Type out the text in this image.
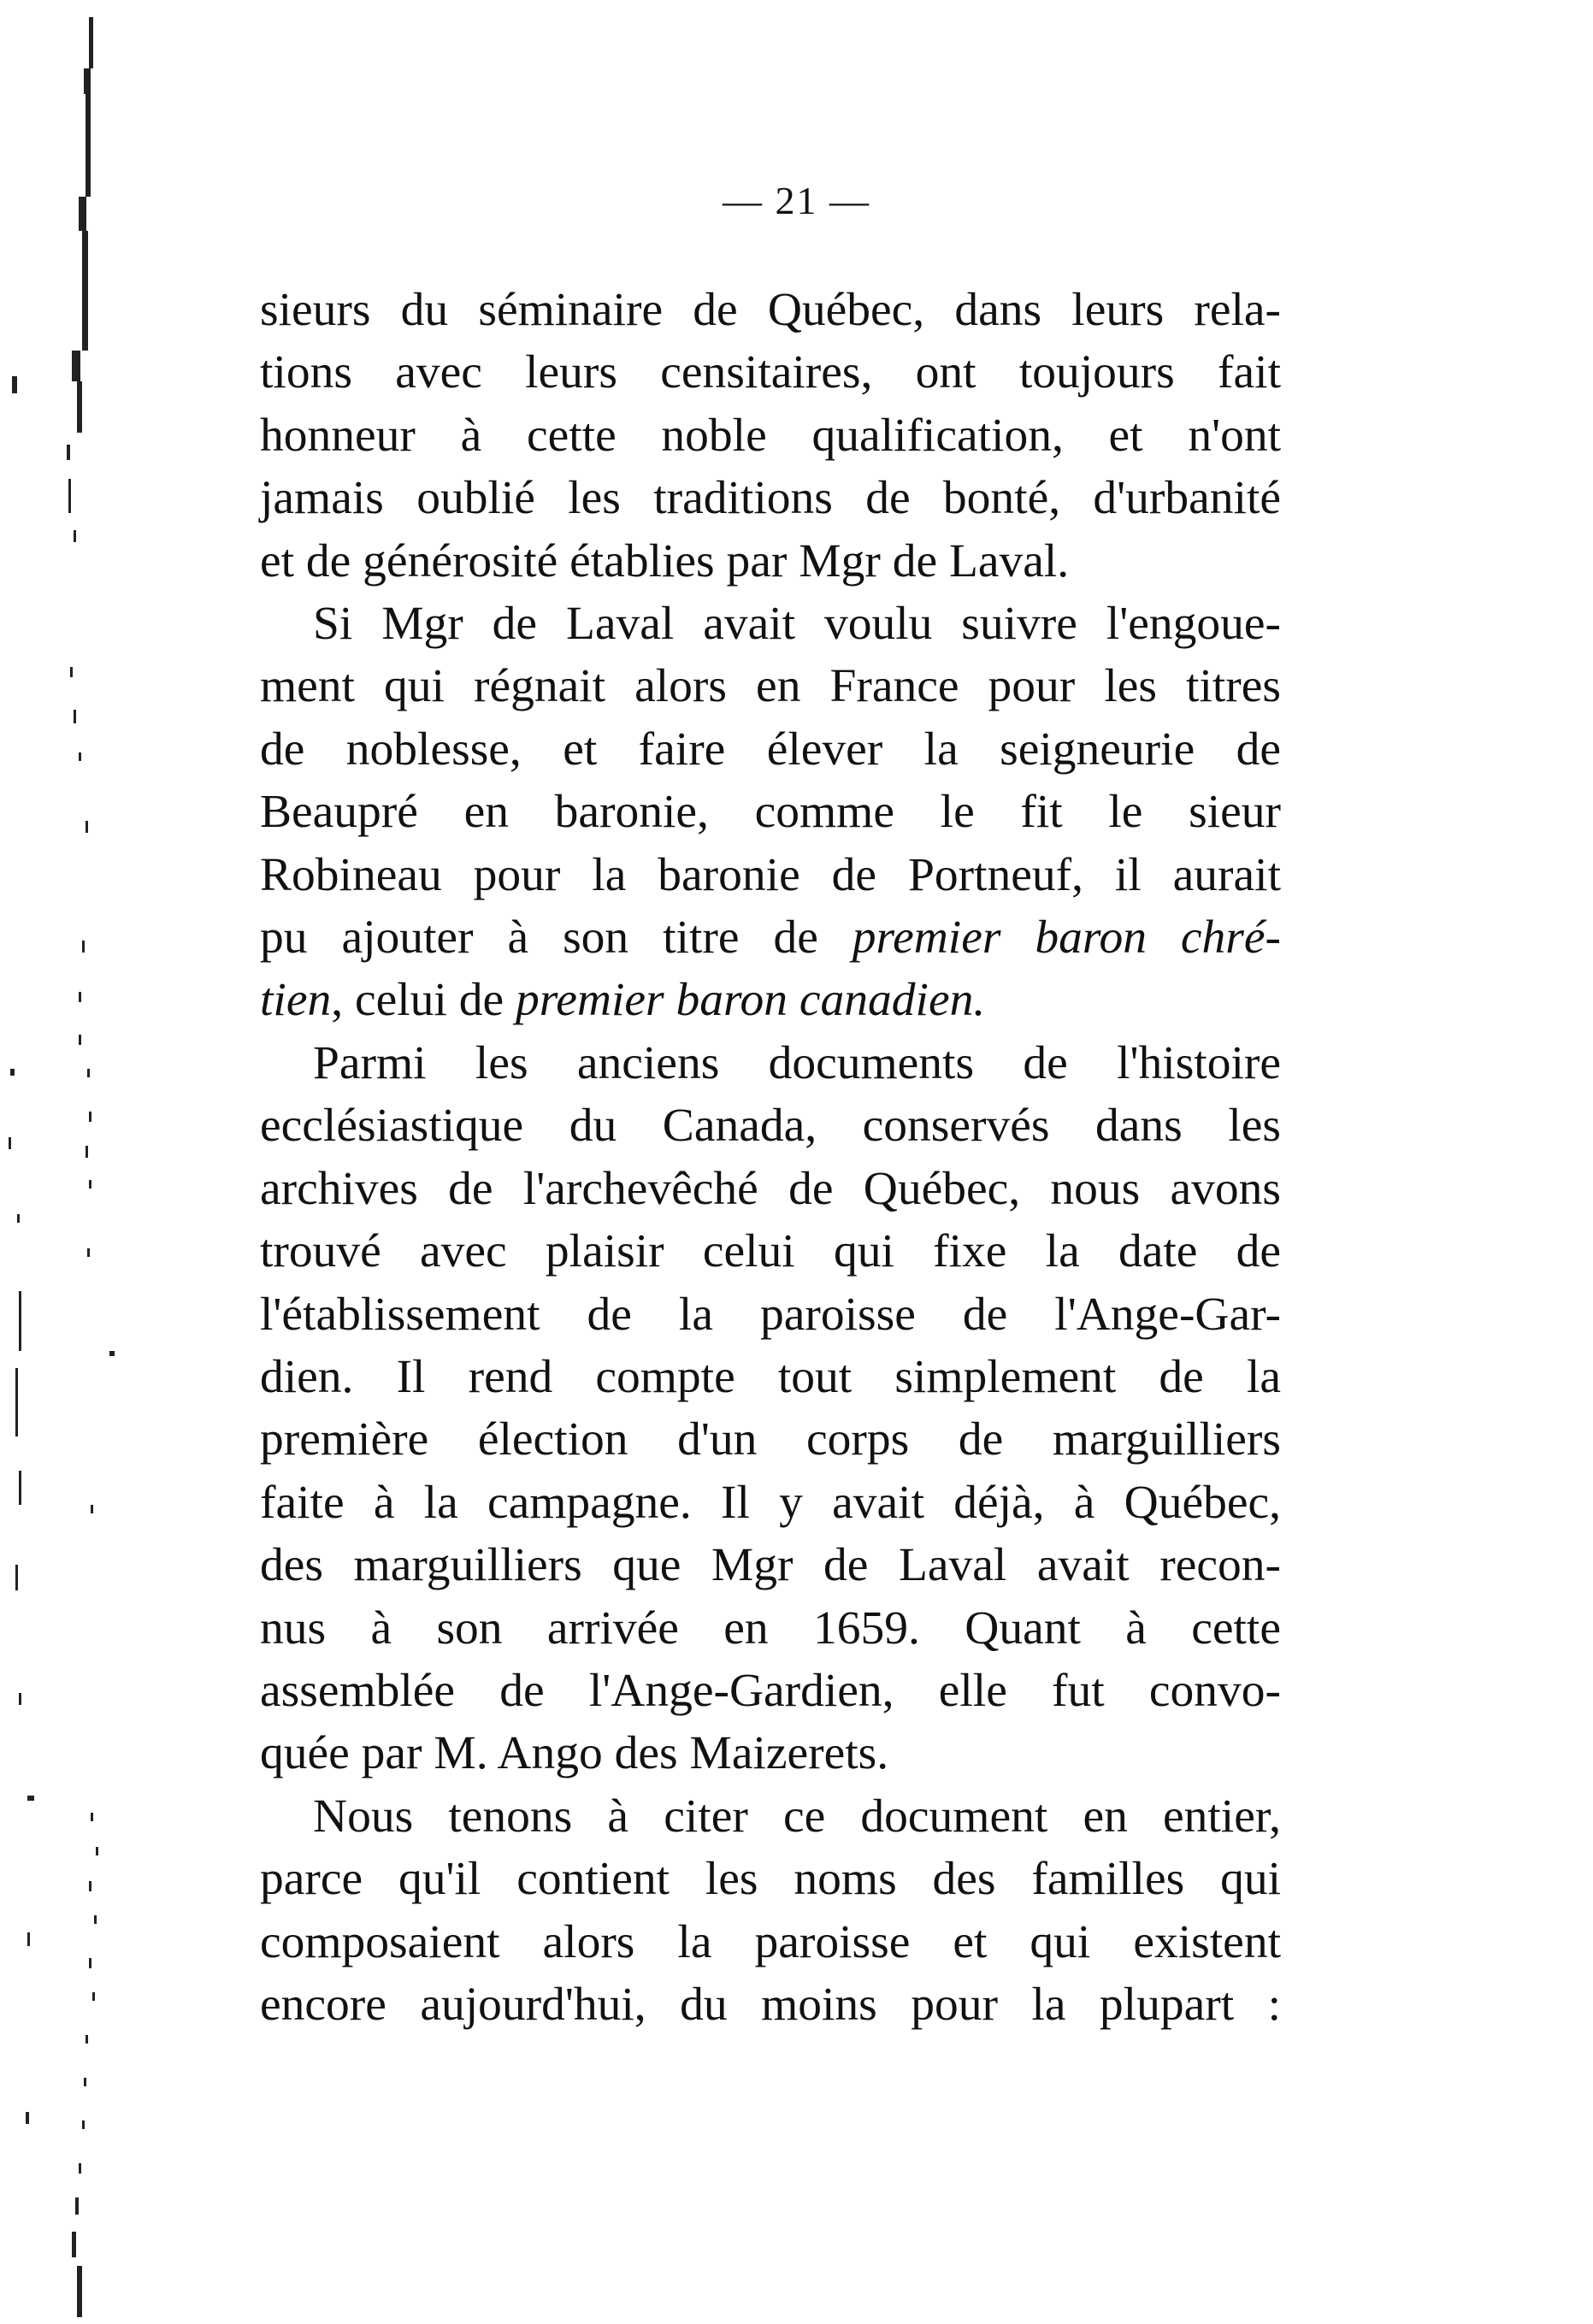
— 21 —

sieurs du séminaire de Québec, dans leurs rela-
tions avec leurs censitaires, ont toujours fait
honneur à cette noble qualification, et n'ont
jamais oublié les traditions de bonté, d'urbanité
et de générosité établies par Mgr de Laval.

Si Mgr de Laval avait voulu suivre l'engoue-
ment qui régnait alors en France pour les titres
de noblesse, et faire élever la seigneurie de
Beaupré en baronie, comme le fit le sieur
Robineau pour la baronie de Portneuf, il aurait
pu ajouter à son titre de premier baron chré-
tien, celui de premier baron canadien.

Parmi les anciens documents de l'histoire
ecclésiastique du Canada, conservés dans les
archives de l'archevêché de Québec, nous avons
trouvé avec plaisir celui qui fixe la date de
l'établissement de la paroisse de l'Ange-Gar-
dien. Il rend compte tout simplement de la
première élection d'un corps de marguilliers
faite à la campagne. Il y avait déjà, à Québec,
des marguilliers que Mgr de Laval avait recon-
nus à son arrivée en 1659. Quant à cette
assemblée de l'Ange-Gardien, elle fut convo-
quée par M. Ango des Maizerets.

Nous tenons à citer ce document en entier,
parce qu'il contient les noms des familles qui
composaient alors la paroisse et qui existent
encore aujourd'hui, du moins pour la plupart :
